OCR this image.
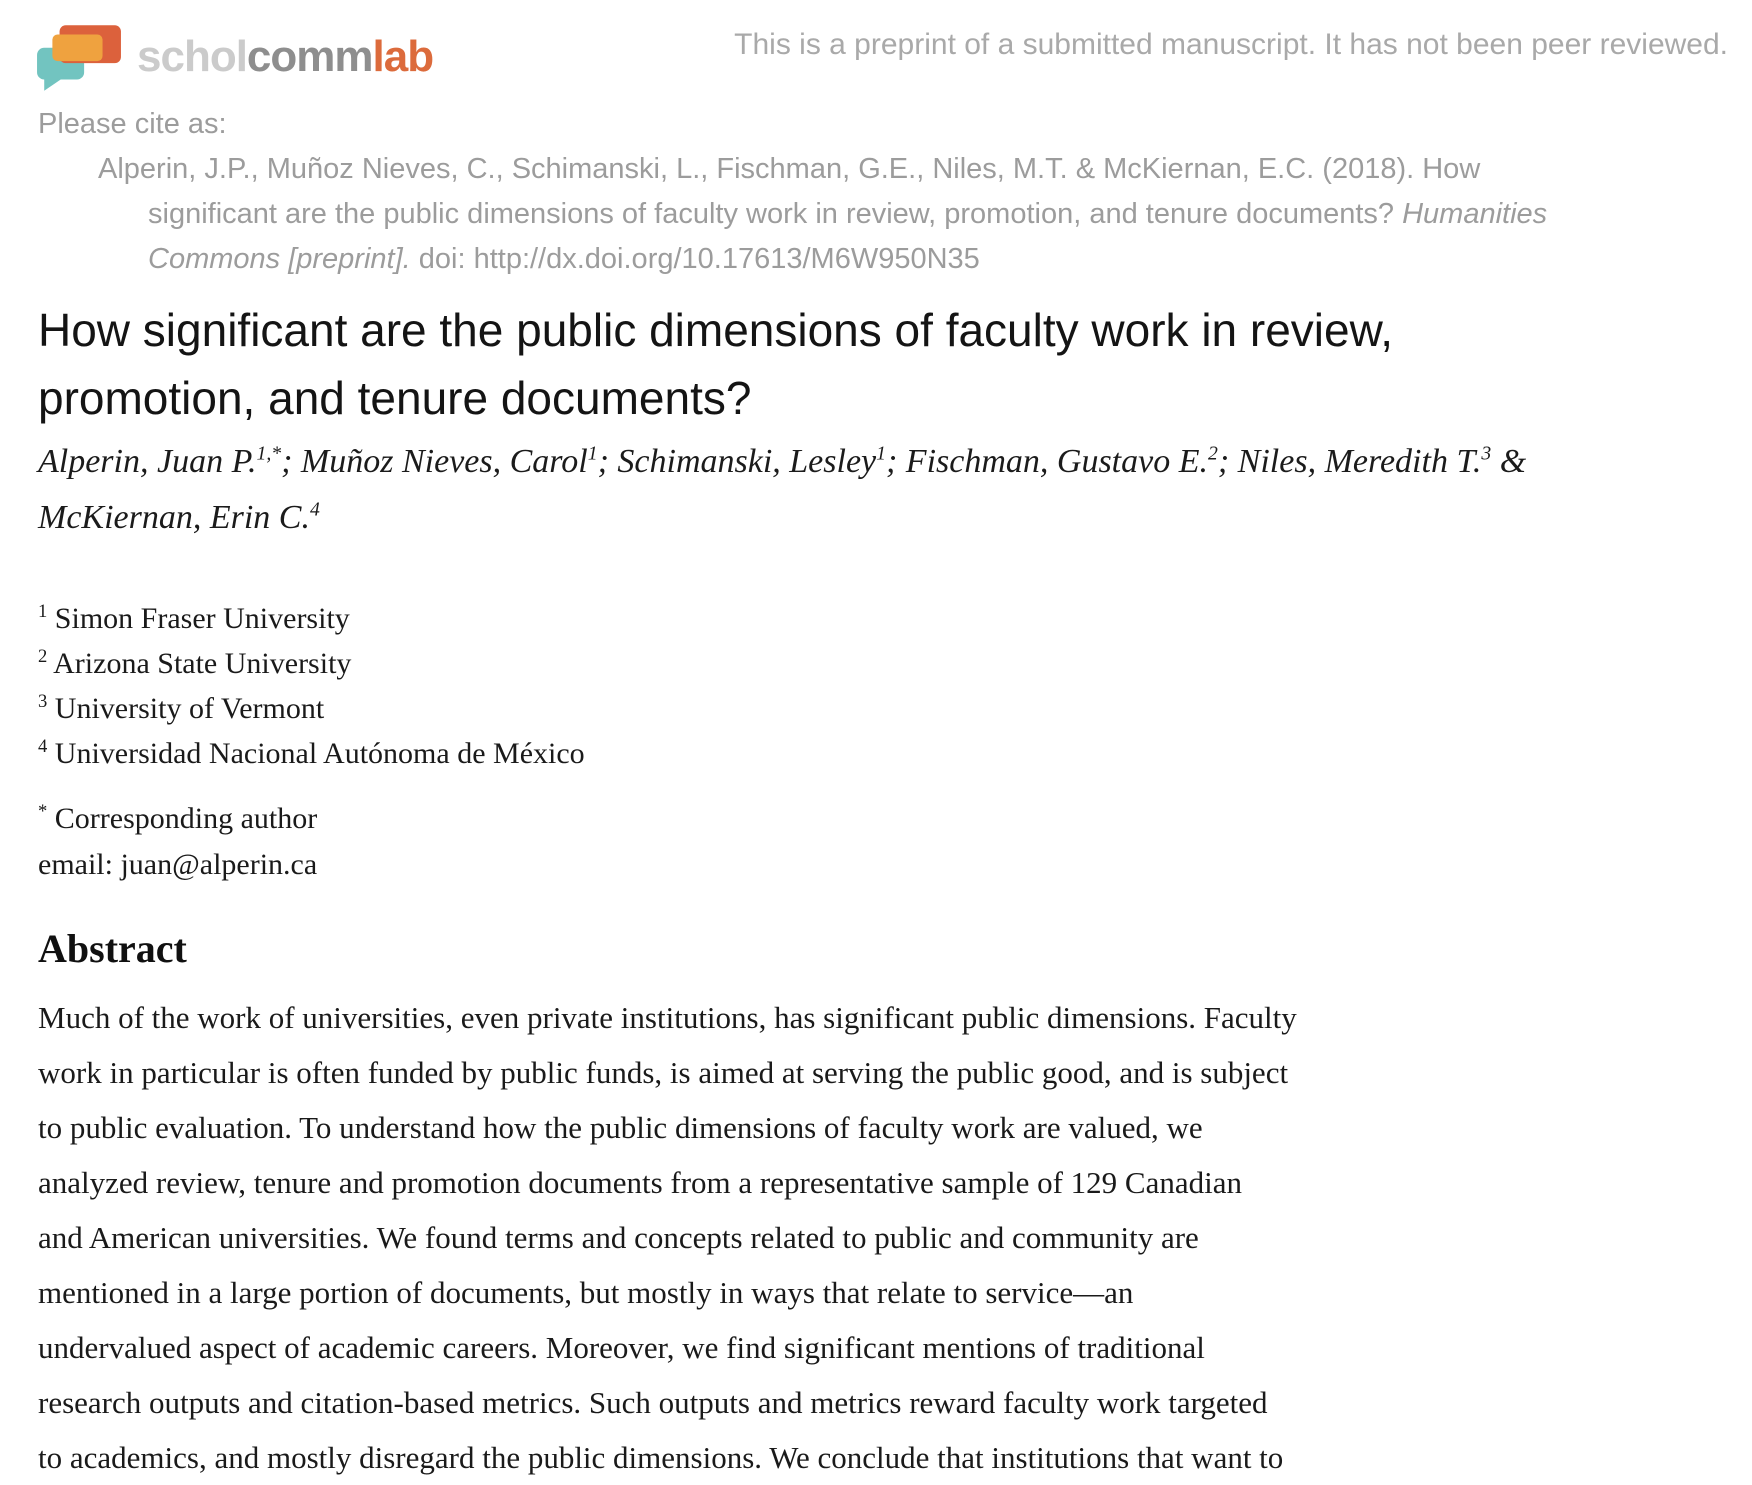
scholcommlab	This is a preprint of a submitted manuscript. It has not been peer reviewed.
Please cite as:
Alperin, J.P., Muñoz Nieves, C., Schimanski, L., Fischman, G.E., Niles, M.T. & McKiernan, E.C. (2018). How
significant are the public dimensions of faculty work in review, promotion, and tenure documents? Humanities
Commons [preprint]. doi: http://dx.doi.org/10.17613/M6W950N35
How significant are the public dimensions of faculty work in review,
promotion, and tenure documents?
Alperin, Juan P.$^{1,*}$; Muñoz Nieves, Carol$^1$; Schimanski, Lesley$^1$; Fischman, Gustavo E.$^2$; Niles, Meredith T.$^3$ &
McKiernan, Erin C.$^4$
$^1$ Simon Fraser University
$^2$ Arizona State University
$^3$ University of Vermont
$^4$ Universidad Nacional Autónoma de México
* Corresponding author
email: juan@alperin.ca
Abstract
Much of the work of universities, even private institutions, has significant public dimensions. Faculty
work in particular is often funded by public funds, is aimed at serving the public good, and is subject
to public evaluation. To understand how the public dimensions of faculty work are valued, we
analyzed review, tenure and promotion documents from a representative sample of 129 Canadian
and American universities. We found terms and concepts related to public and community are
mentioned in a large portion of documents, but mostly in ways that relate to service—an
undervalued aspect of academic careers. Moreover, we find significant mentions of traditional
research outputs and citation-based metrics. Such outputs and metrics reward faculty work targeted
to academics, and mostly disregard the public dimensions. We conclude that institutions that want to
